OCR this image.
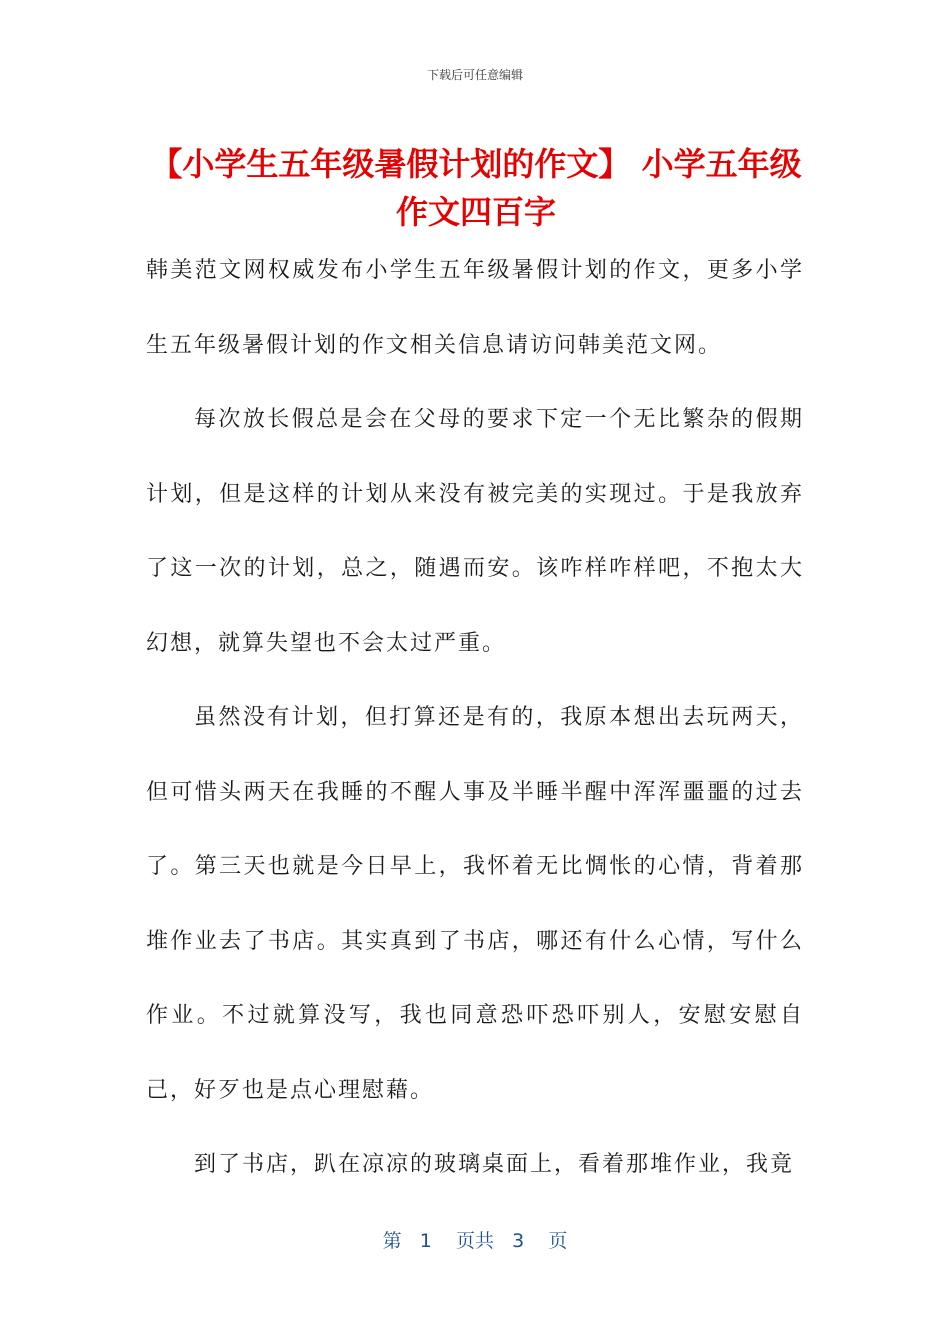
下载后可任意编辑
【小学生五年级暑假计划的作文】 小学五年级作文四百字

韩美范文网权威发布小学生五年级暑假计划的作文，更多小学生五年级暑假计划的作文相关信息请访问韩美范文网。

每次放长假总是会在父母的要求下定一个无比繁杂的假期计划，但是这样的计划从来没有被完美的实现过。于是我放弃了这一次的计划，总之，随遇而安。该咋样咋样吧，不抱太大幻想，就算失望也不会太过严重。

虽然没有计划，但打算还是有的，我原本想出去玩两天，但可惜头两天在我睡的不醒人事及半睡半醒中浑浑噩噩的过去了。第三天也就是今日早上，我怀着无比惆怅的心情，背着那堆作业去了书店。其实真到了书店，哪还有什么心情，写什么作业。不过就算没写，我也同意恐吓恐吓别人，安慰安慰自己，好歹也是点心理慰藉。

到了书店，趴在凉凉的玻璃桌面上，看着那堆作业，我竟

第 1 页共 3 页
